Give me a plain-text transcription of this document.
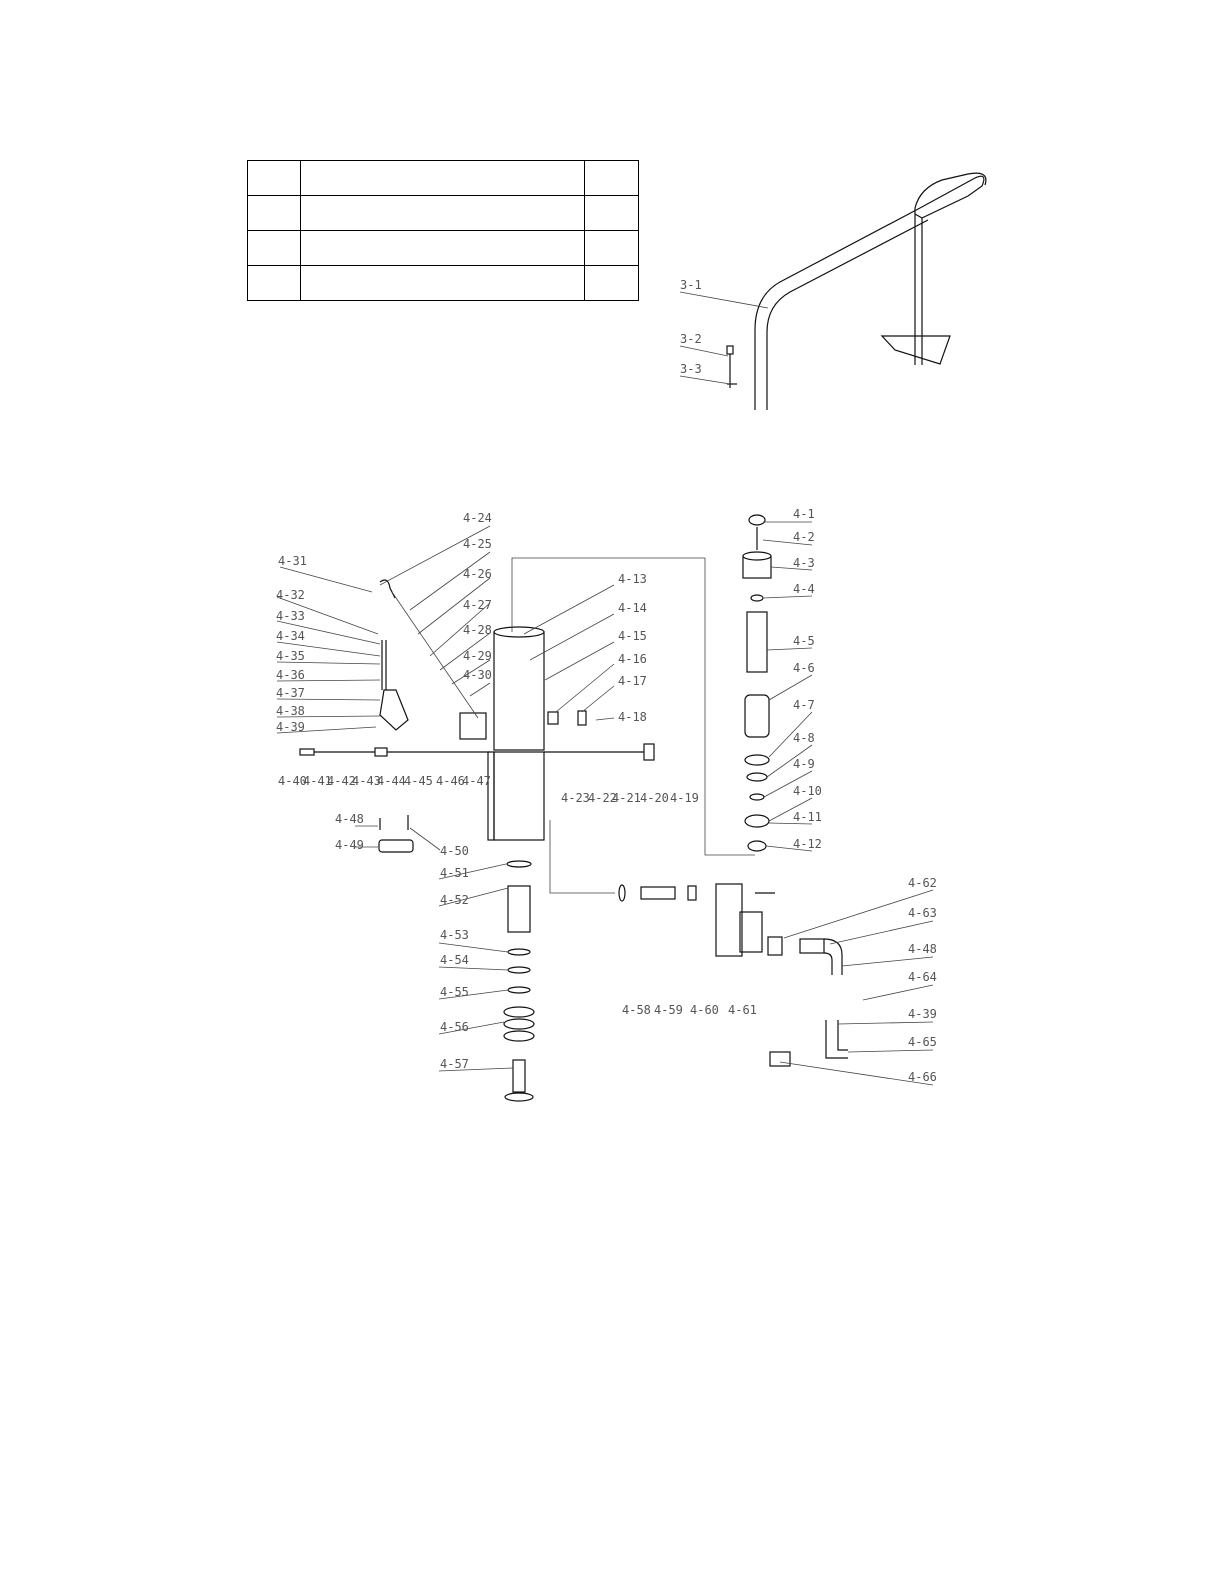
3-1
3-2
3-3
4-1
4-2
4-3
4-4
4-5
4-6
4-7
4-8
4-9
4-10
4-11
4-12
4-24
4-25
4-26
4-27
4-28
4-29
4-30
4-13
4-14
4-15
4-16
4-17
4-18
4-31
4-32
4-33
4-34
4-35
4-36
4-37
4-38
4-39
4-40
4-41
4-42
4-43
4-44
4-45 4-46
4-47
4-23
4-22
4-21 4-20 4-19
4-48
4-49	4-50
4-51
4-52
4-53
4-54
4-55
4-56
4-57
4-58 4-59 4-60 4-61
4-62
4-63
4-48
4-64
4-39
4-65
4-66
